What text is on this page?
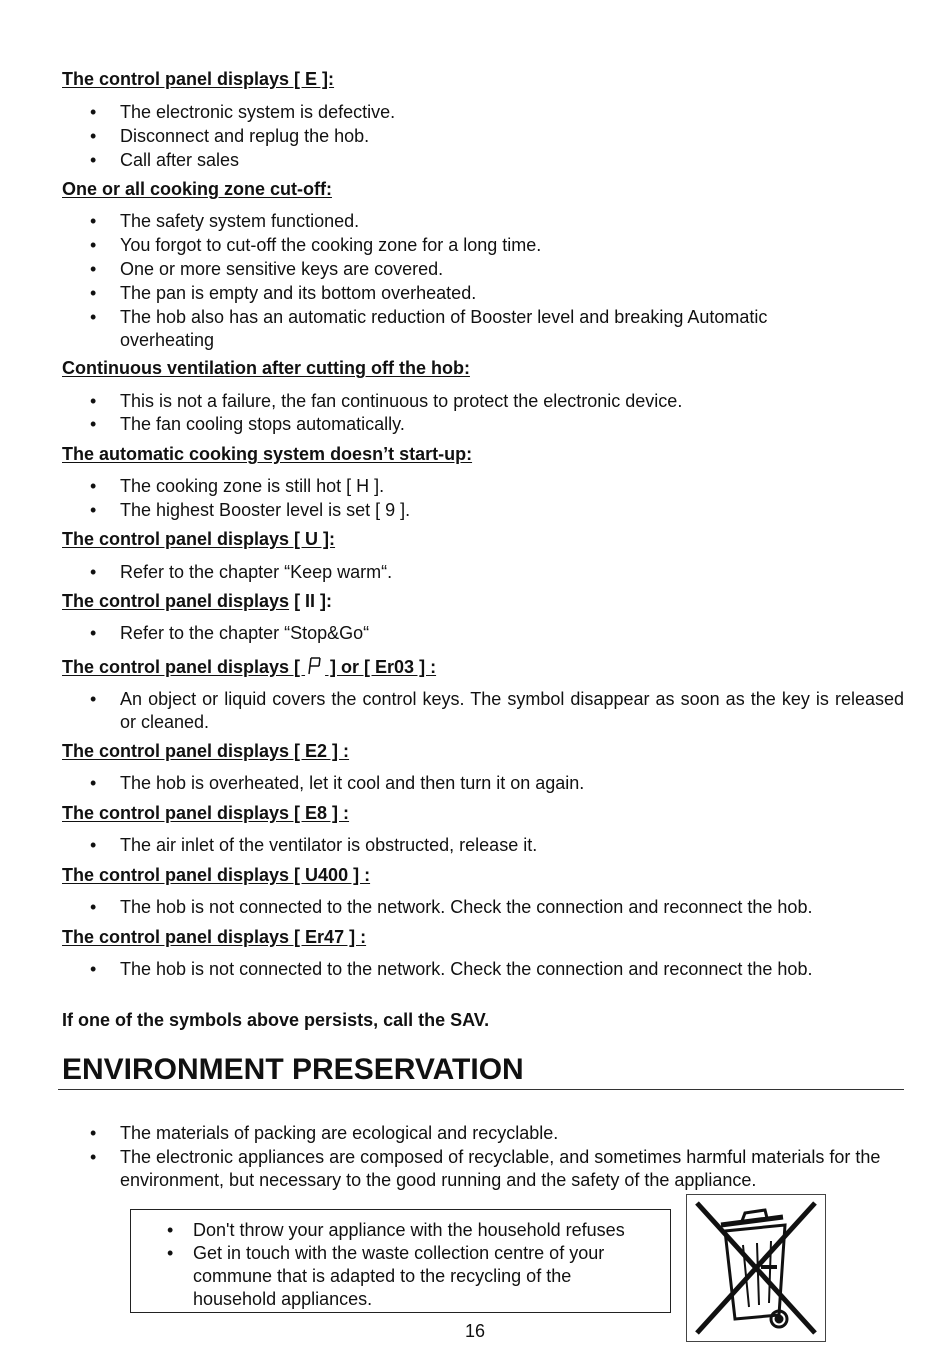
The control panel displays [ E ]:
• The electronic system is defective.
• Disconnect and replug the hob.
• Call after sales
One or all cooking zone cut-off:
• The safety system functioned.
• You forgot to cut-off the cooking zone for a long time.
• One or more sensitive keys are covered.
• The pan is empty and its bottom overheated.
• The hob also has an automatic reduction of Booster level and breaking Automatic overheating
Continuous ventilation after cutting off the hob:
• This is not a failure, the fan continuous to protect the electronic device.
• The fan cooling stops automatically.
The automatic cooking system doesn’t start-up:
• The cooking zone is still hot [ H ].
• The highest Booster level is set [ 9 ].
The control panel displays [ U ]:
• Refer to the chapter “Keep warm“.
The control panel displays [ II ]:
• Refer to the chapter “Stop&Go“
The control panel displays [  ] or [ Er03 ] :
• An object or liquid covers the control keys. The symbol disappear as soon as the key is released or cleaned.
The control panel displays [ E2 ] :
• The hob is overheated, let it cool and then turn it on again.
The control panel displays [ E8 ] :
• The air inlet of the ventilator is obstructed, release it.
The control panel displays [ U400 ] :
• The hob is not connected to the network. Check the connection and reconnect the hob.
The control panel displays [ Er47 ] :
• The hob is not connected to the network. Check the connection and reconnect the hob.
If one of the symbols above persists, call the SAV.
ENVIRONMENT PRESERVATION
• The materials of packing are ecological and recyclable.
• The electronic appliances are composed of recyclable, and sometimes harmful materials for the environment, but necessary to the good running and the safety of the appliance.
• Don't throw your appliance with the household refuses
• Get in touch with the waste collection centre of your commune that is adapted to the recycling of the household appliances.
16
